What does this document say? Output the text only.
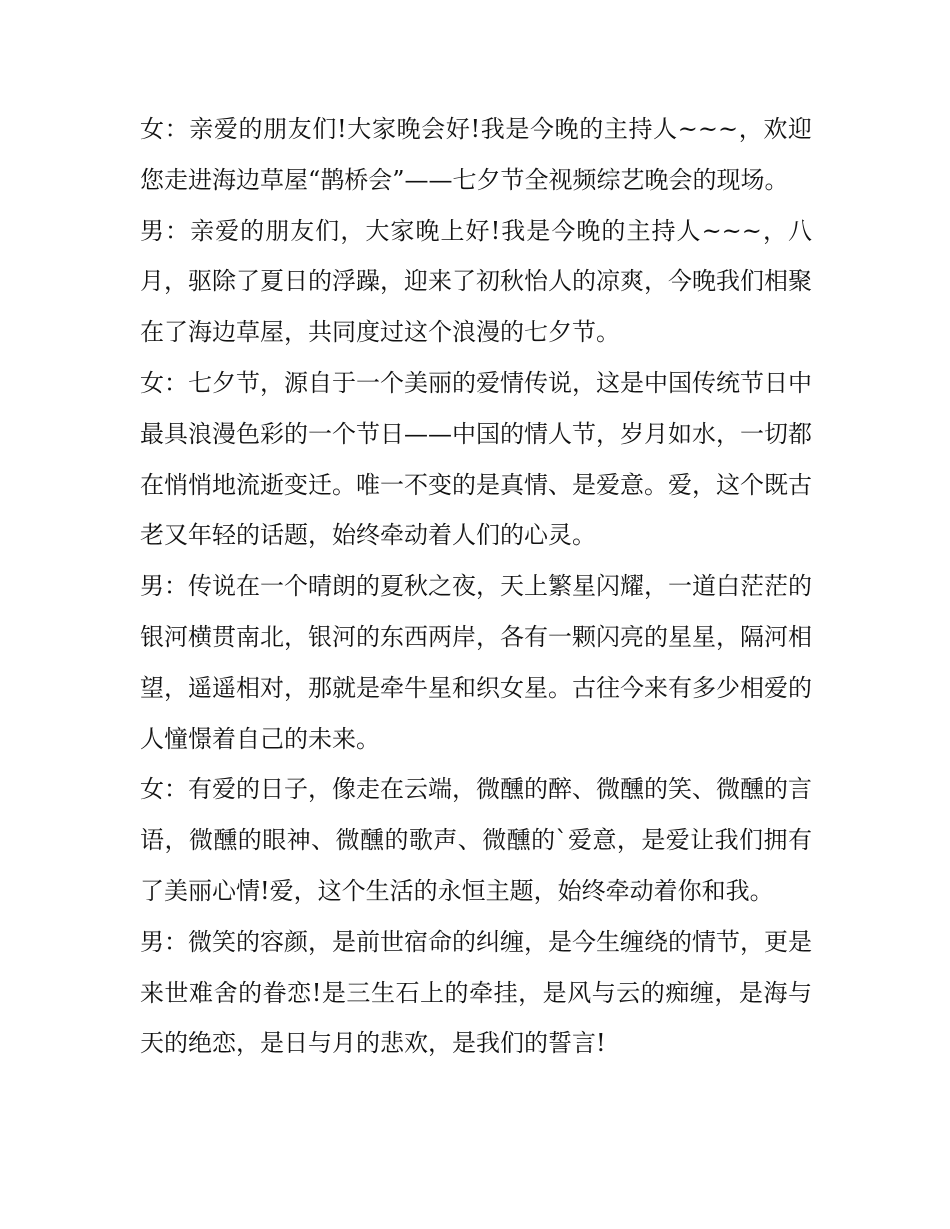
女：亲爱的朋友们!大家晚会好!我是今晚的主持人~~~，欢迎您走进海边草屋“鹊桥会”——七夕节全视频综艺晚会的现场。

男：亲爱的朋友们，大家晚上好!我是今晚的主持人~~~，八月，驱除了夏日的浮躁，迎来了初秋怡人的凉爽，今晚我们相聚在了海边草屋，共同度过这个浪漫的七夕节。

女：七夕节，源自于一个美丽的爱情传说，这是中国传统节日中最具浪漫色彩的一个节日——中国的情人节，岁月如水，一切都在悄悄地流逝变迁。唯一不变的是真情、是爱意。爱，这个既古老又年轻的话题，始终牵动着人们的心灵。

男：传说在一个晴朗的夏秋之夜，天上繁星闪耀，一道白茫茫的银河横贯南北，银河的东西两岸，各有一颗闪亮的星星，隔河相望，遥遥相对，那就是牵牛星和织女星。古往今来有多少相爱的人憧憬着自己的未来。

女：有爱的日子，像走在云端，微醺的醉、微醺的笑、微醺的言语，微醺的眼神、微醺的歌声、微醺的`爱意，是爱让我们拥有了美丽心情!爱，这个生活的永恒主题，始终牵动着你和我。

男：微笑的容颜，是前世宿命的纠缠，是今生缠绕的情节，更是来世难舍的眷恋!是三生石上的牵挂，是风与云的痴缠，是海与天的绝恋，是日与月的悲欢，是我们的誓言!
